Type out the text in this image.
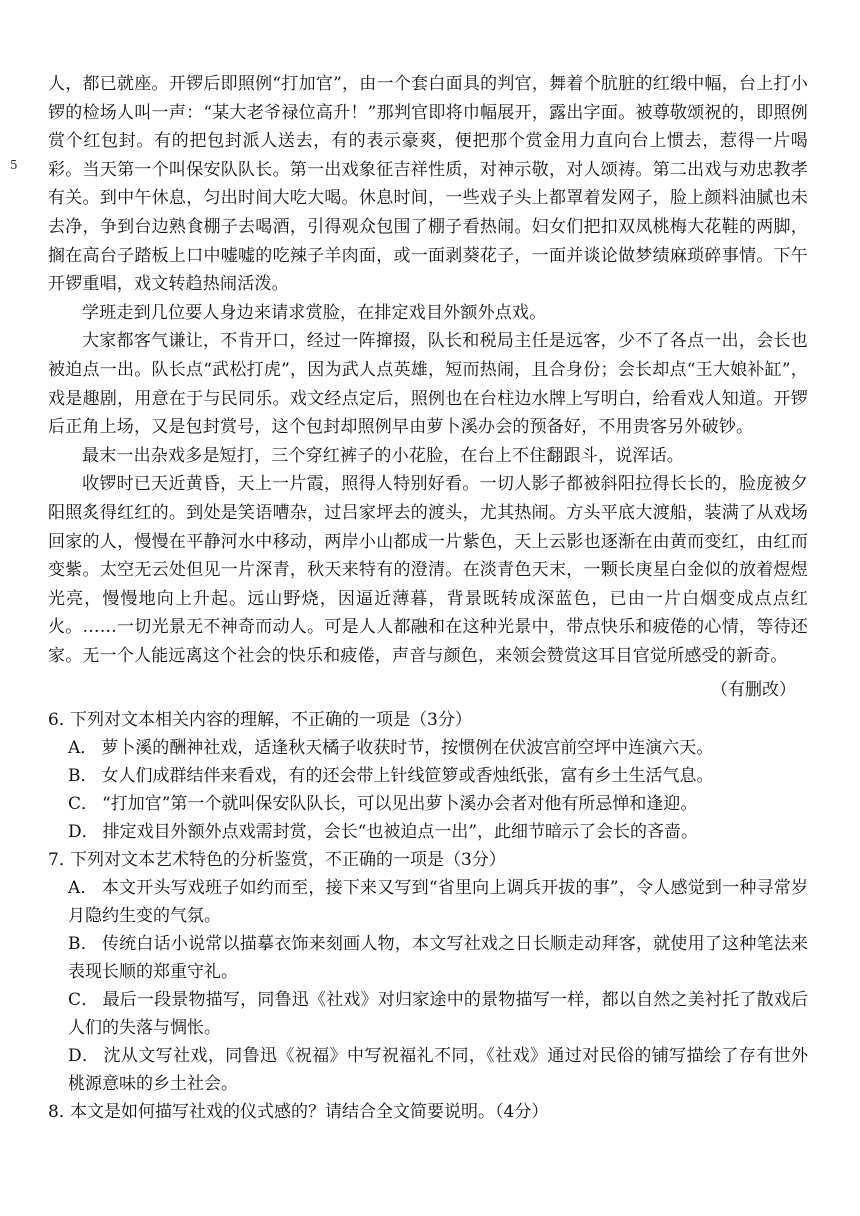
5

人，都已就座。开锣后即照例“打加官”，由一个套白面具的判官，舞着个肮脏的红缎中幅，台上打小锣的检场人叫一声：“某大老爷禄位高升！”那判官即将巾幅展开，露出字面。被尊敬颂祝的，即照例赏个红包封。有的把包封派人送去，有的表示豪爽，便把那个赏金用力直向台上惯去，惹得一片喝彩。当天第一个叫保安队队长。第一出戏象征吉祥性质，对神示敬，对人颂祷。第二出戏与劝忠教孝有关。到中午休息，匀出时间大吃大喝。休息时间，一些戏子头上都罩着发网子，脸上颜料油腻也未去净，争到台边熟食棚子去喝酒，引得观众包围了棚子看热闹。妇女们把扣双凤桃梅大花鞋的两脚，搁在高台子踏板上口中嘘嘘的吃辣子羊肉面，或一面剥葵花子，一面并谈论做梦绩麻琐碎事情。下午开锣重唱，戏文转趋热闹活泼。

学班走到几位要人身边来请求赏脸，在排定戏目外额外点戏。

大家都客气谦让，不肯开口，经过一阵撺掇，队长和税局主任是远客，少不了各点一出，会长也被迫点一出。队长点“武松打虎”，因为武人点英雄，短而热闹，且合身份；会长却点“王大娘补缸”，戏是趣剧，用意在于与民同乐。戏文经点定后，照例也在台柱边水牌上写明白，给看戏人知道。开锣后正角上场，又是包封赏号，这个包封却照例早由萝卜溪办会的预备好，不用贵客另外破钞。

最末一出杂戏多是短打，三个穿红裤子的小花脸，在台上不住翻跟斗，说浑话。

收锣时已天近黄昏，天上一片霞，照得人特别好看。一切人影子都被斜阳拉得长长的，脸庞被夕阳照炙得红红的。到处是笑语嘈杂，过吕家坪去的渡头，尤其热闹。方头平底大渡船，装满了从戏场回家的人，慢慢在平静河水中移动，两岸小山都成一片紫色，天上云影也逐渐在由黄而变红，由红而变紫。太空无云处但见一片深青，秋天来特有的澄清。在淡青色天末，一颗长庚星白金似的放着煜煜光亮，慢慢地向上升起。远山野烧，因逼近薄暮，背景既转成深蓝色，已由一片白烟变成点点红火。……一切光景无不神奇而动人。可是人人都融和在这种光景中，带点快乐和疲倦的心情，等待还家。无一个人能远离这个社会的快乐和疲倦，声音与颜色，来领会赞赏这耳目官觉所感受的新奇。

（有删改）

6．下列对文本相关内容的理解，不正确的一项是（3分）

A． 萝卜溪的酬神社戏，适逢秋天橘子收获时节，按惯例在伏波宫前空坪中连演六天。

B． 女人们成群结伴来看戏，有的还会带上针线笸箩或香烛纸张，富有乡土生活气息。

C． “打加官”第一个就叫保安队队长，可以见出萝卜溪办会者对他有所忌惮和逢迎。

D． 排定戏目外额外点戏需封赏，会长“也被迫点一出”，此细节暗示了会长的吝啬。

7．下列对文本艺术特色的分析鉴赏，不正确的一项是（3分）

A． 本文开头写戏班子如约而至，接下来又写到“省里向上调兵开拔的事”，令人感觉到一种寻常岁月隐约生变的气氛。

B． 传统白话小说常以描摹衣饰来刻画人物，本文写社戏之日长顺走动拜客，就使用了这种笔法来表现长顺的郑重守礼。

C． 最后一段景物描写，同鲁迅《社戏》对归家途中的景物描写一样，都以自然之美衬托了散戏后人们的失落与惆怅。

D． 沈从文写社戏，同鲁迅《祝福》中写祝福礼不同，《社戏》通过对民俗的铺写描绘了存有世外桃源意味的乡土社会。

8．本文是如何描写社戏的仪式感的？请结合全文简要说明。（4分）
